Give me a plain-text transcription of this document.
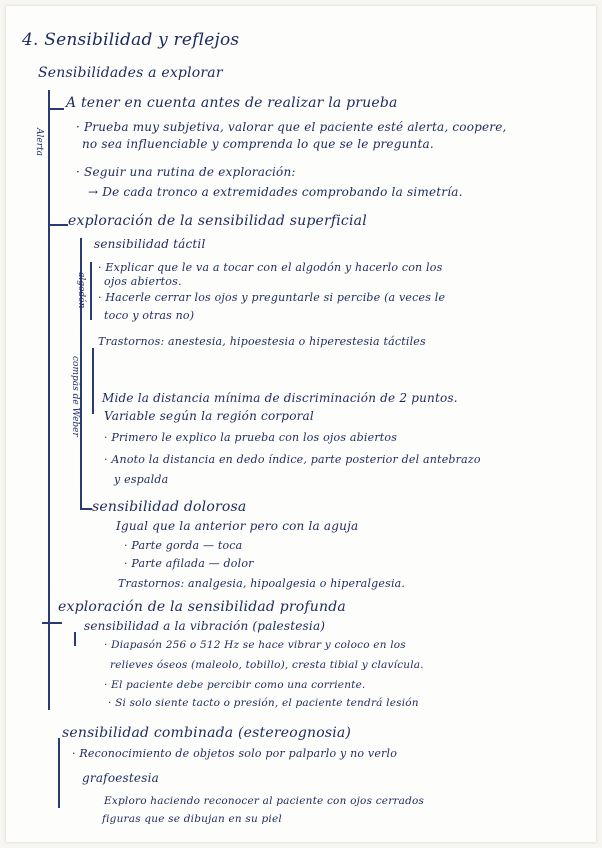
Alerta
algodón
compás de Weber
4. Sensibilidad y reflejos
Sensibilidades a explorar
A tener en cuenta antes de realizar la prueba
· Prueba muy subjetiva, valorar que el paciente esté alerta, coopere,
no sea influenciable y comprenda lo que se le pregunta.
· Seguir una rutina de exploración:
→ De cada tronco a extremidades comprobando la simetría.
exploración de la sensibilidad superficial
sensibilidad táctil
· Explicar que le va a tocar con el algodón y hacerlo con los
ojos abiertos.
· Hacerle cerrar los ojos y preguntarle si percibe (a veces le
toco y otras no)
Trastornos: anestesia, hipoestesia o hiperestesia táctiles
Mide la distancia mínima de discriminación de 2 puntos.
Variable según la región corporal
· Primero le explico la prueba con los ojos abiertos
· Anoto la distancia en dedo índice, parte posterior del antebrazo
y espalda
sensibilidad dolorosa
Igual que la anterior pero con la aguja
· Parte gorda — toca
· Parte afilada — dolor
Trastornos: analgesia, hipoalgesia o hiperalgesia.
exploración de la sensibilidad profunda
sensibilidad a la vibración (palestesia)
· Diapasón 256 o 512 Hz se hace vibrar y coloco en los
relieves óseos (maleolo, tobillo), cresta tibial y clavícula.
· El paciente debe percibir como una corriente.
· Si solo siente tacto o presión, el paciente tendrá lesión
sensibilidad combinada (estereognosia)
· Reconocimiento de objetos solo por palparlo y no verlo
grafoestesia
Exploro haciendo reconocer al paciente con ojos cerrados
figuras que se dibujan en su piel
